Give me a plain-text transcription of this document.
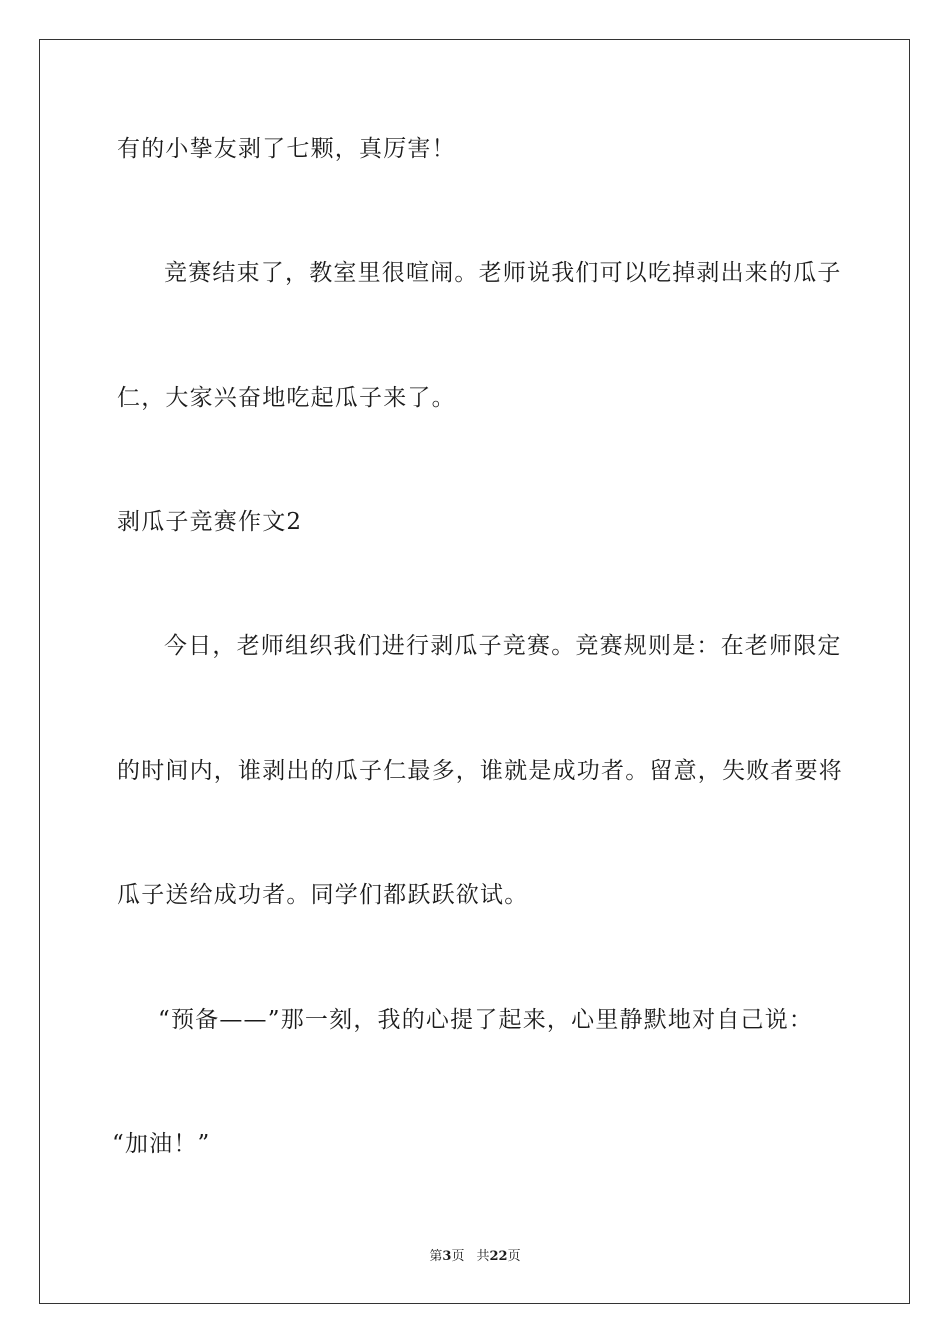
有的小挚友剥了七颗，真厉害！
竞赛结束了，教室里很喧闹。老师说我们可以吃掉剥出来的瓜子
仁，大家兴奋地吃起瓜子来了。
剥瓜子竞赛作文2
今日，老师组织我们进行剥瓜子竞赛。竞赛规则是：在老师限定
的时间内，谁剥出的瓜子仁最多，谁就是成功者。留意，失败者要将
瓜子送给成功者。同学们都跃跃欲试。
“预备——”那一刻，我的心提了起来，心里静默地对自己说：
“加油！”
第3页 共22页
